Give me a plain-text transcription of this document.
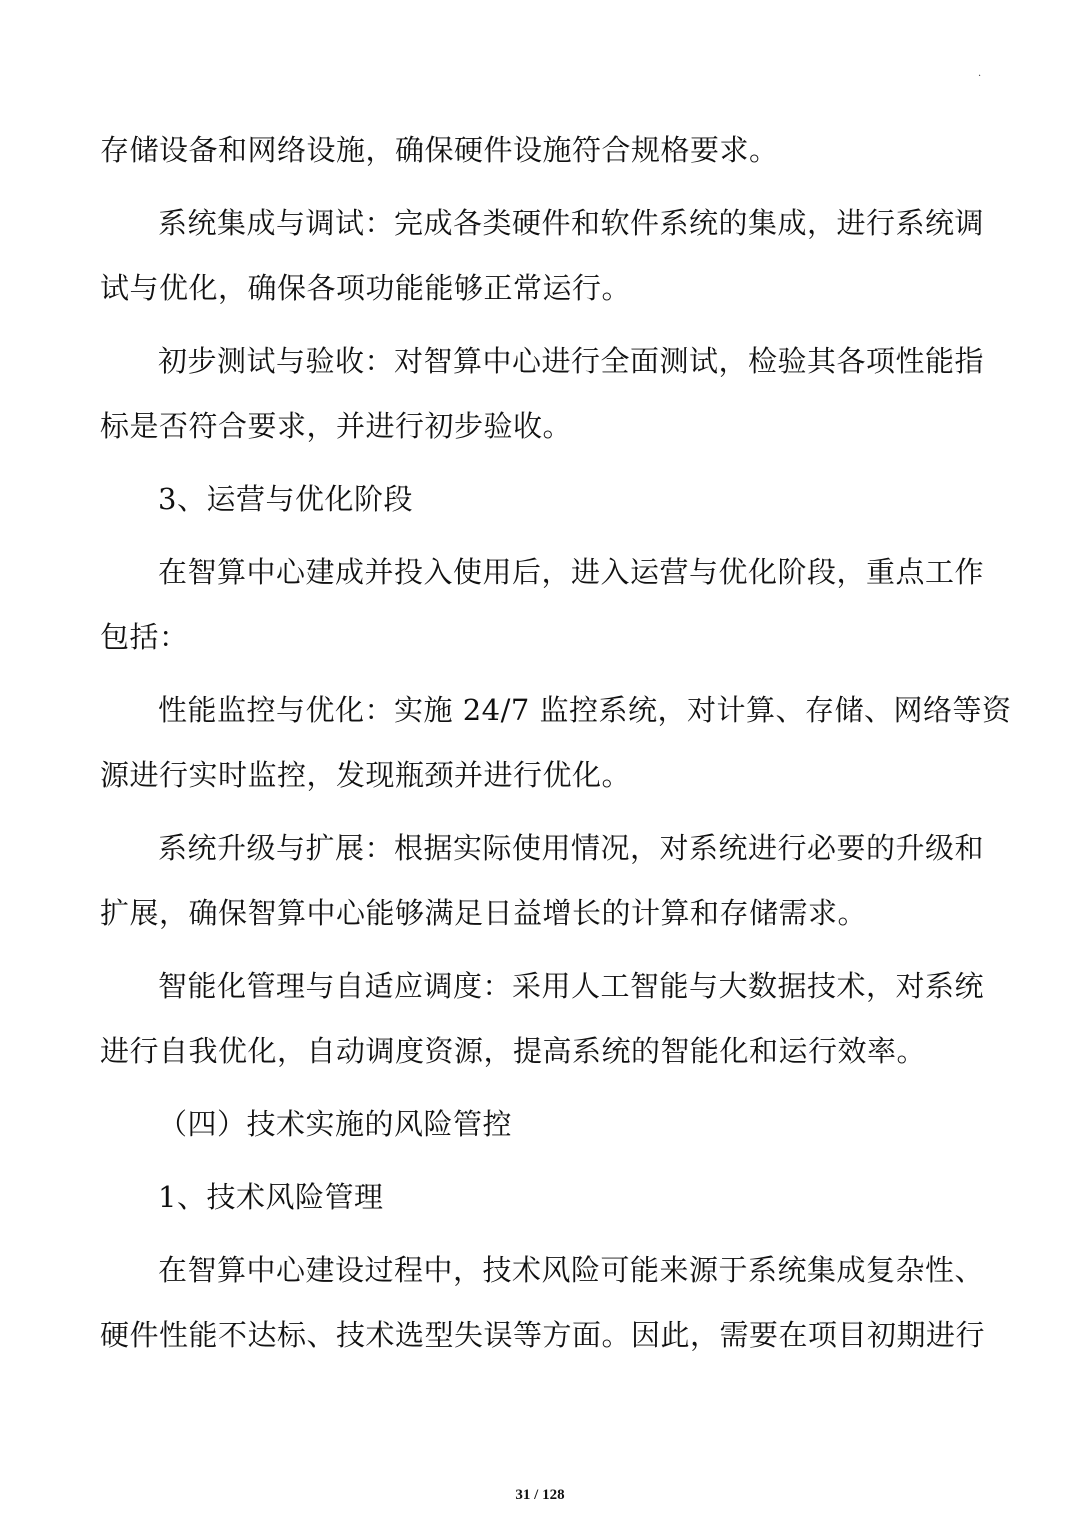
·
存储设备和网络设施，确保硬件设施符合规格要求。
系统集成与调试：完成各类硬件和软件系统的集成，进行系统调
试与优化，确保各项功能能够正常运行。
初步测试与验收：对智算中心进行全面测试，检验其各项性能指
标是否符合要求，并进行初步验收。
3、运营与优化阶段
在智算中心建成并投入使用后，进入运营与优化阶段，重点工作
包括：
性能监控与优化：实施 24/7 监控系统，对计算、存储、网络等资
源进行实时监控，发现瓶颈并进行优化。
系统升级与扩展：根据实际使用情况，对系统进行必要的升级和
扩展，确保智算中心能够满足日益增长的计算和存储需求。
智能化管理与自适应调度：采用人工智能与大数据技术，对系统
进行自我优化，自动调度资源，提高系统的智能化和运行效率。
（四）技术实施的风险管控
1、技术风险管理
在智算中心建设过程中，技术风险可能来源于系统集成复杂性、
硬件性能不达标、技术选型失误等方面。因此，需要在项目初期进行
31 / 128
